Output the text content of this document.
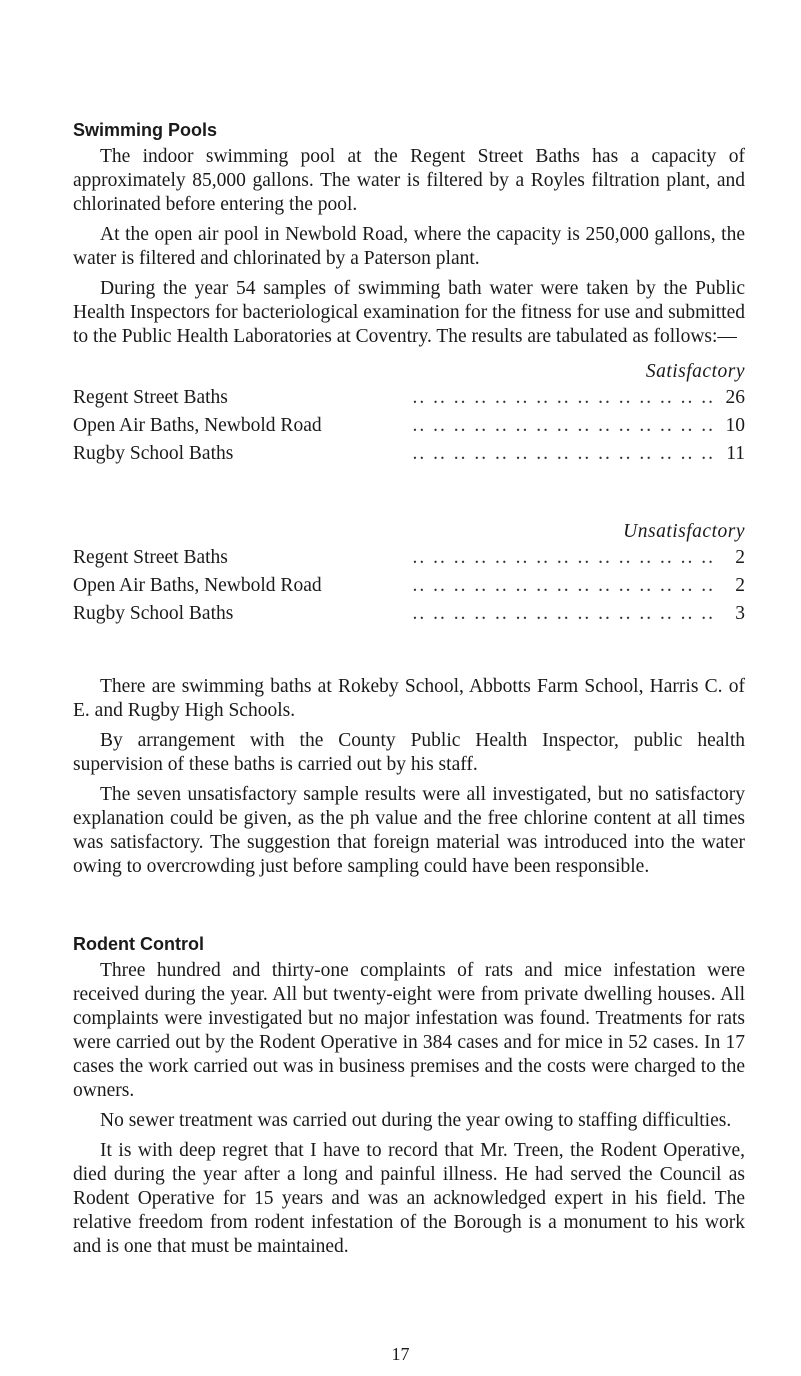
Swimming Pools

The indoor swimming pool at the Regent Street Baths has a capacity of approximately 85,000 gallons. The water is filtered by a Royles filtration plant, and chlorinated before entering the pool.

At the open air pool in Newbold Road, where the capacity is 250,000 gallons, the water is filtered and chlorinated by a Paterson plant.

During the year 54 samples of swimming bath water were taken by the Public Health Inspectors for bacteriological examination for the fitness for use and submitted to the Public Health Laboratories at Coventry. The results are tabulated as follows:—

Satisfactory
Regent Street Baths	.. .. .. .. .. .. .. .. .. .. .. .. .. .. .. 26
Open Air Baths, Newbold Road	.. .. .. .. .. .. .. .. .. .. .. .. .. .. .. 10
Rugby School Baths	.. .. .. .. .. .. .. .. .. .. .. .. .. .. .. 11
Unsatisfactory
Regent Street Baths	.. .. .. .. .. .. .. .. .. .. .. .. .. .. ..	2
Open Air Baths, Newbold Road	.. .. .. .. .. .. .. .. .. .. .. .. .. .. ..	2
Rugby School Baths	.. .. .. .. .. .. .. .. .. .. .. .. .. .. ..	3

There are swimming baths at Rokeby School, Abbotts Farm School, Harris C. of E. and Rugby High Schools.

By arrangement with the County Public Health Inspector, public health supervision of these baths is carried out by his staff.

The seven unsatisfactory sample results were all investigated, but no satisfactory explanation could be given, as the ph value and the free chlorine content at all times was satisfactory. The suggestion that foreign material was introduced into the water owing to overcrowding just before sampling could have been responsible.

Rodent Control

Three hundred and thirty-one complaints of rats and mice infestation were received during the year. All but twenty-eight were from private dwelling houses. All complaints were investigated but no major infestation was found. Treatments for rats were carried out by the Rodent Operative in 384 cases and for mice in 52 cases. In 17 cases the work carried out was in business premises and the costs were charged to the owners.

No sewer treatment was carried out during the year owing to staffing difficulties.

It is with deep regret that I have to record that Mr. Treen, the Rodent Operative, died during the year after a long and painful illness. He had served the Council as Rodent Operative for 15 years and was an acknowledged expert in his field. The relative freedom from rodent infestation of the Borough is a monument to his work and is one that must be maintained.

17
